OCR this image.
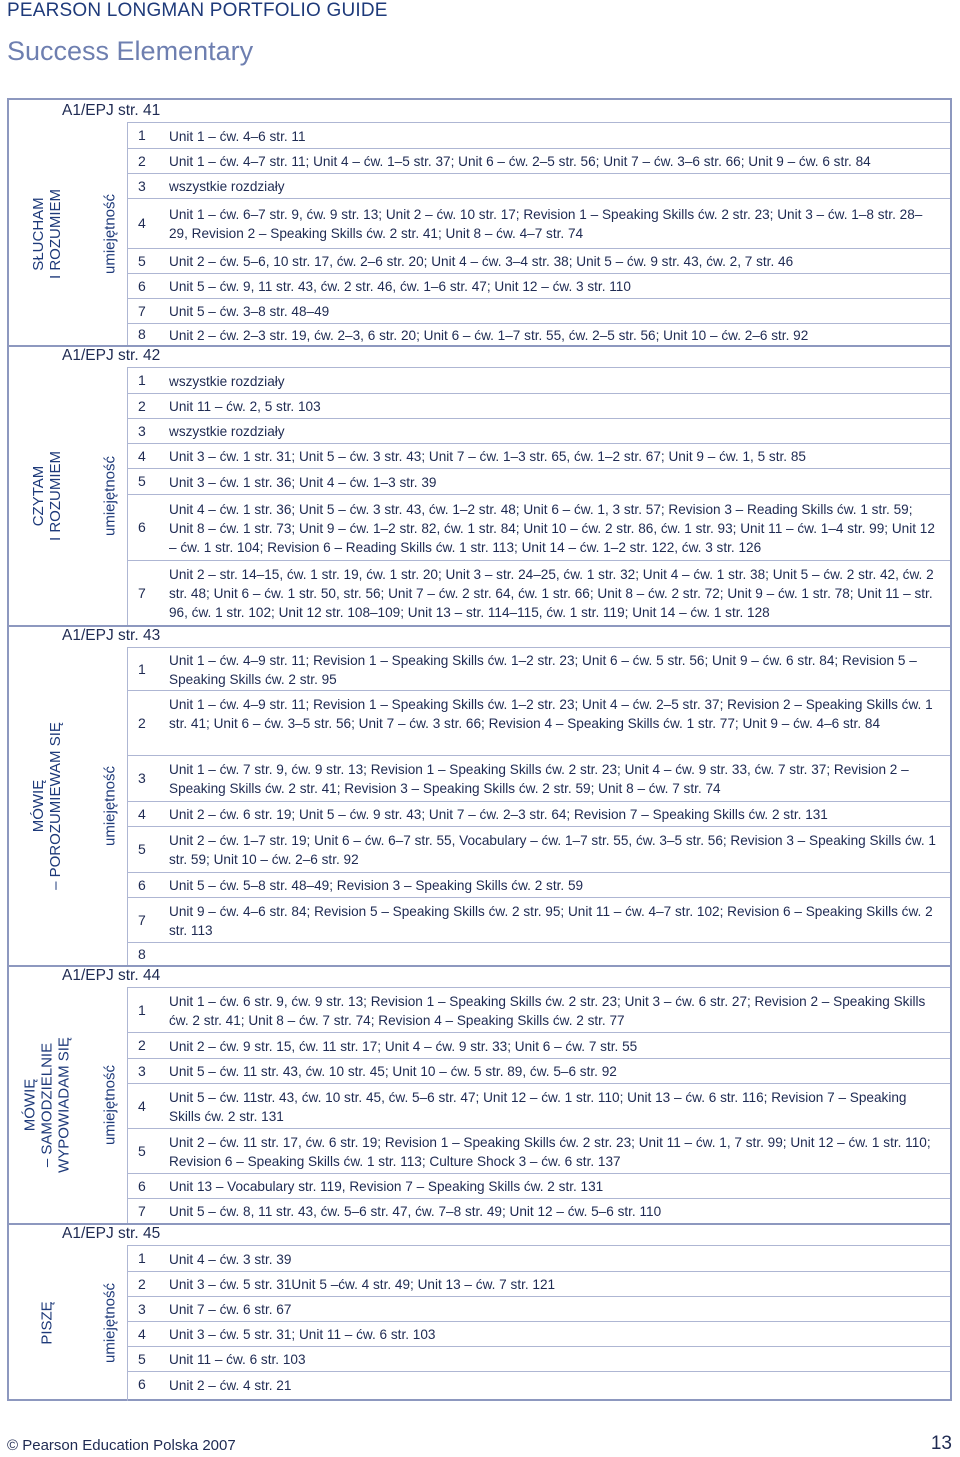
PEARSON LONGMAN PORTFOLIO GUIDE
Success Elementary
A1/EPJ str. 41
SŁUCHAM I ROZUMIEM	umiejętność
1 Unit 1 – ćw. 4–6 str. 11
2 Unit 1 – ćw. 4–7 str. 11; Unit 4 – ćw. 1–5 str. 37; Unit 6 – ćw. 2–5 str. 56; Unit 7 – ćw. 3–6 str. 66; Unit 9 – ćw. 6 str. 84
3 wszystkie rozdziały
4
Unit 1 – ćw. 6–7 str. 9, ćw. 9 str. 13; Unit 2 – ćw. 10 str. 17; Revision 1 – Speaking Skills ćw. 2 str. 23; Unit 3 – ćw. 1–8 str. 28–29, Revision 2 – Speaking Skills ćw. 2 str. 41; Unit 8 – ćw. 4–7 str. 74
5 Unit 2 – ćw. 5–6, 10 str. 17, ćw. 2–6 str. 20; Unit 4 – ćw. 3–4 str. 38; Unit 5 – ćw. 9 str. 43, ćw. 2, 7 str. 46
6 Unit 5 – ćw. 9, 11 str. 43, ćw. 2 str. 46, ćw. 1–6 str. 47; Unit 12 – ćw. 3 str. 110
7 Unit 5 – ćw. 3–8 str. 48–49
8 Unit 2 – ćw. 2–3 str. 19, ćw. 2–3, 6 str. 20; Unit 6 – ćw. 1–7 str. 55, ćw. 2–5 str. 56; Unit 10 – ćw. 2–6 str. 92
A1/EPJ str. 42
CZYTAM I ROZUMIEM	umiejętność
1 wszystkie rozdziały
2 Unit 11 – ćw. 2, 5 str. 103
3 wszystkie rozdziały
4 Unit 3 – ćw. 1 str. 31; Unit 5 – ćw. 3 str. 43; Unit 7 – ćw. 1–3 str. 65, ćw. 1–2 str. 67; Unit 9 – ćw. 1, 5 str. 85
5 Unit 3 – ćw. 1 str. 36; Unit 4 – ćw. 1–3 str. 39
6
Unit 4 – ćw. 1 str. 36; Unit 5 – ćw. 3 str. 43, ćw. 1–2 str. 48; Unit 6 – ćw. 1, 3 str. 57; Revision 3 – Reading Skills ćw. 1 str. 59; Unit 8 – ćw. 1 str. 73; Unit 9 – ćw. 1–2 str. 82, ćw. 1 str. 84; Unit 10 – ćw. 2 str. 86, ćw. 1 str. 93; Unit 11 – ćw. 1–4 str. 99; Unit 12 – ćw. 1 str. 104; Revision 6 – Reading Skills ćw. 1 str. 113; Unit 14 – ćw. 1–2 str. 122, ćw. 3 str. 126
7
Unit 2 – str. 14–15, ćw. 1 str. 19, ćw. 1 str. 20; Unit 3 – str. 24–25, ćw. 1 str. 32; Unit 4 – ćw. 1 str. 38; Unit 5 – ćw. 2 str. 42, ćw. 2 str. 48; Unit 6 – ćw. 1 str. 50, str. 56; Unit 7 – ćw. 2 str. 64, ćw. 1 str. 66; Unit 8 – ćw. 2 str. 72; Unit 9 – ćw. 1 str. 78; Unit 11 – str. 96, ćw. 1 str. 102; Unit 12 str. 108–109; Unit 13 – str. 114–115, ćw. 1 str. 119; Unit 14 – ćw. 1 str. 128
A1/EPJ str. 43
MÓWIĘ – POROZUMIEWAM SIĘ	umiejętność
1
Unit 1 – ćw. 4–9 str. 11; Revision 1 – Speaking Skills ćw. 1–2 str. 23; Unit 6 – ćw. 5 str. 56; Unit 9 – ćw. 6 str. 84; Revision 5 – Speaking Skills ćw. 2 str. 95
2
Unit 1 – ćw. 4–9 str. 11; Revision 1 – Speaking Skills ćw. 1–2 str. 23; Unit 4 – ćw. 2–5 str. 37; Revision 2 – Speaking Skills ćw. 1 str. 41; Unit 6 – ćw. 3–5 str. 56; Unit 7 – ćw. 3 str. 66; Revision 4 – Speaking Skills ćw. 1 str. 77; Unit 9 – ćw. 4–6 str. 84
3
Unit 1 – ćw. 7 str. 9, ćw. 9 str. 13; Revision 1 – Speaking Skills ćw. 2 str. 23; Unit 4 – ćw. 9 str. 33, ćw. 7 str. 37; Revision 2 – Speaking Skills ćw. 2 str. 41; Revision 3 – Speaking Skills ćw. 2 str. 59; Unit 8 – ćw. 7 str. 74
4 Unit 2 – ćw. 6 str. 19; Unit 5 – ćw. 9 str. 43; Unit 7 – ćw. 2–3 str. 64; Revision 7 – Speaking Skills ćw. 2 str. 131
5
Unit 2 – ćw. 1–7 str. 19; Unit 6 – ćw. 6–7 str. 55, Vocabulary – ćw. 1–7 str. 55, ćw. 3–5 str. 56; Revision 3 – Speaking Skills ćw. 1 str. 59; Unit 10 – ćw. 2–6 str. 92
6 Unit 5 – ćw. 5–8 str. 48–49; Revision 3 – Speaking Skills ćw. 2 str. 59
7
Unit 9 – ćw. 4–6 str. 84; Revision 5 – Speaking Skills ćw. 2 str. 95; Unit 11 – ćw. 4–7 str. 102; Revision 6 – Speaking Skills ćw. 2 str. 113
8
A1/EPJ str. 44
MÓWIĘ – SAMODZIELNIE WYPOWIADAM SIĘ umiejętność
1
Unit 1 – ćw. 6 str. 9, ćw. 9 str. 13; Revision 1 – Speaking Skills ćw. 2 str. 23; Unit 3 – ćw. 6 str. 27; Revision 2 – Speaking Skills ćw. 2 str. 41; Unit 8 – ćw. 7 str. 74; Revision 4 – Speaking Skills ćw. 2 str. 77
2 Unit 2 – ćw. 9 str. 15, ćw. 11 str. 17; Unit 4 – ćw. 9 str. 33; Unit 6 – ćw. 7 str. 55
3 Unit 5 – ćw. 11 str. 43, ćw. 10 str. 45; Unit 10 – ćw. 5 str. 89, ćw. 5–6 str. 92
4
Unit 5 – ćw. 11str. 43, ćw. 10 str. 45, ćw. 5–6 str. 47; Unit 12 – ćw. 1 str. 110; Unit 13 – ćw. 6 str. 116; Revision 7 – Speaking Skills ćw. 2 str. 131
5
Unit 2 – ćw. 11 str. 17, ćw. 6 str. 19; Revision 1 – Speaking Skills ćw. 2 str. 23; Unit 11 – ćw. 1, 7 str. 99; Unit 12 – ćw. 1 str. 110; Revision 6 – Speaking Skills ćw. 1 str. 113; Culture Shock 3 – ćw. 6 str. 137
6 Unit 13 – Vocabulary str. 119, Revision 7 – Speaking Skills ćw. 2 str. 131
7 Unit 5 – ćw. 8, 11 str. 43, ćw. 5–6 str. 47, ćw. 7–8 str. 49; Unit 12 – ćw. 5–6 str. 110
A1/EPJ str. 45
PISZĘ	umiejętność
1 Unit 4 – ćw. 3 str. 39
2 Unit 3 – ćw. 5 str. 31Unit 5 –ćw. 4 str. 49; Unit 13 – ćw. 7 str. 121
3 Unit 7 – ćw. 6 str. 67
4 Unit 3 – ćw. 5 str. 31; Unit 11 – ćw. 6 str. 103
5 Unit 11 – ćw. 6 str. 103
6 Unit 2 – ćw. 4 str. 21
© Pearson Education Polska 2007	13
